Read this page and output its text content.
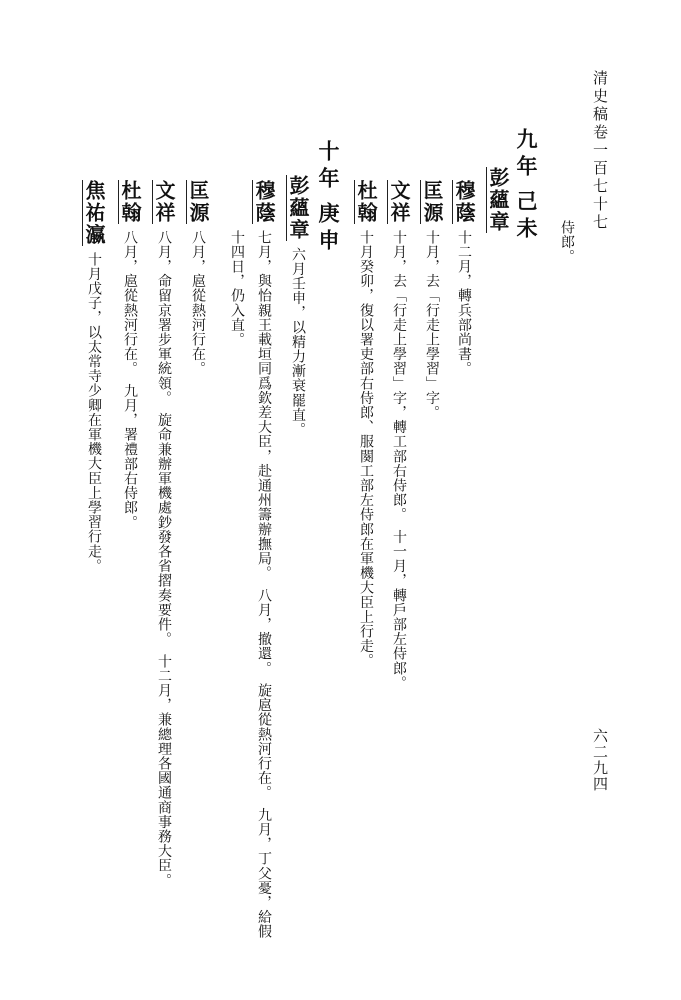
清史稿卷一百七十七
六二九四
侍郎。
九年己未
彭蘊章
穆蔭十二月，轉兵部尚書。
匡源十月，去「行走上學習」字。
文祥十月，去「行走上學習」字，轉工部右侍郎。　十一月，轉戶部左侍郎。
杜翰十月癸卯，復以署吏部右侍郎、服闋工部左侍郎在軍機大臣上行走。
十年庚申
彭蘊章六月壬申，以精力漸衰罷直。
穆蔭七月，與怡親王載垣同爲欽差大臣，赴通州籌辦撫局。　八月，撤還。　旋扈從熱河行在。　九月，丁父憂，給假
十四日，仍入直。
匡源八月，扈從熱河行在。
文祥八月，命留京署步軍統領。　旋命兼辦軍機處鈔發各省摺奏要件。　十二月，兼總理各國通商事務大臣。
杜翰八月，扈從熱河行在。　九月，署禮部右侍郎。
焦祐瀛十月戊子，以太常寺少卿在軍機大臣上學習行走。
